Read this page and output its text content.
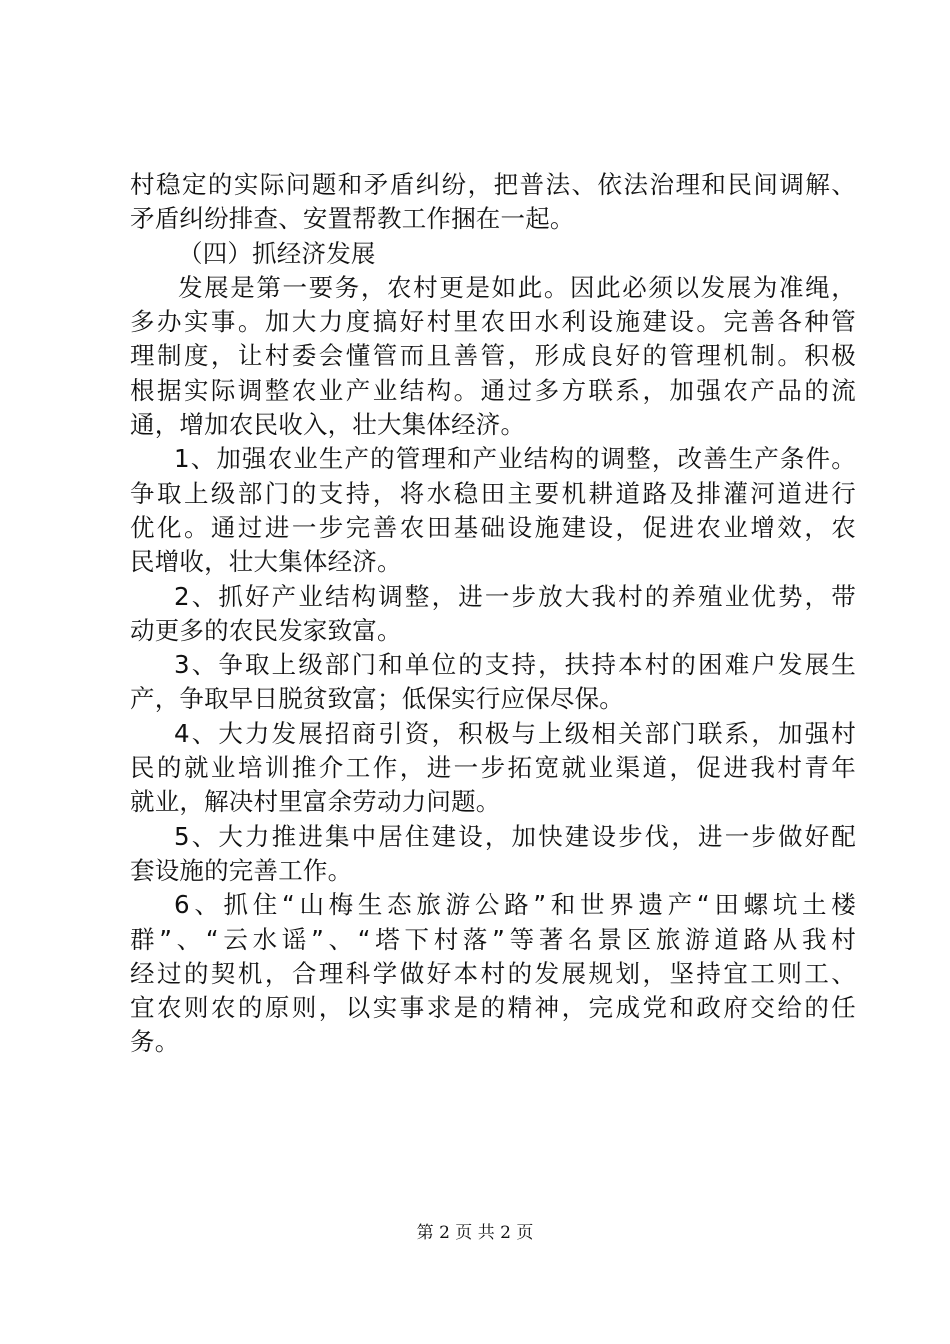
村稳定的实际问题和矛盾纠纷，把普法、依法治理和民间调解、
矛盾纠纷排查、安置帮教工作捆在一起。
（四）抓经济发展
发展是第一要务，农村更是如此。因此必须以发展为准绳，
多办实事。加大力度搞好村里农田水利设施建设。完善各种管
理制度，让村委会懂管而且善管，形成良好的管理机制。积极
根据实际调整农业产业结构。通过多方联系，加强农产品的流
通，增加农民收入，壮大集体经济。
1、加强农业生产的管理和产业结构的调整，改善生产条件。
争取上级部门的支持，将水稳田主要机耕道路及排灌河道进行
优化。通过进一步完善农田基础设施建设，促进农业增效，农
民增收，壮大集体经济。
2、抓好产业结构调整，进一步放大我村的养殖业优势，带
动更多的农民发家致富。
3、争取上级部门和单位的支持，扶持本村的困难户发展生
产，争取早日脱贫致富；低保实行应保尽保。
4、大力发展招商引资，积极与上级相关部门联系，加强村
民的就业培训推介工作，进一步拓宽就业渠道，促进我村青年
就业，解决村里富余劳动力问题。
5、大力推进集中居住建设，加快建设步伐，进一步做好配
套设施的完善工作。
6、抓住“山梅生态旅游公路”和世界遗产“田螺坑土楼
群”、“云水谣”、“塔下村落”等著名景区旅游道路从我村
经过的契机，合理科学做好本村的发展规划，坚持宜工则工、
宜农则农的原则，以实事求是的精神，完成党和政府交给的任
务。
第 2 页 共 2 页
